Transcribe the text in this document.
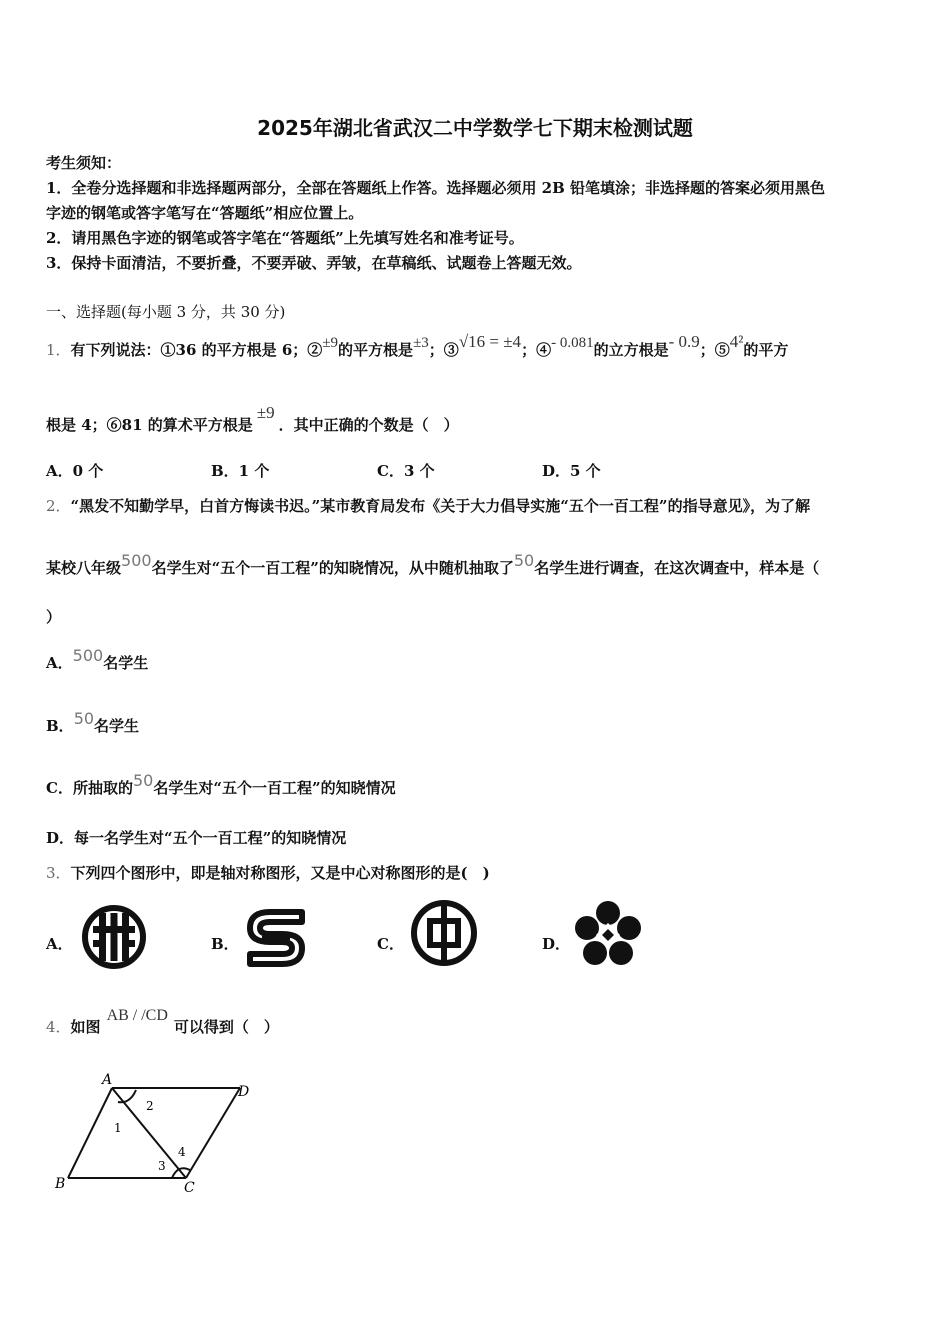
2025年湖北省武汉二中学数学七下期末检测试题
考生须知：
1．全卷分选择题和非选择题两部分，全部在答题纸上作答。选择题必须用 2B 铅笔填涂；非选择题的答案必须用黑色
字迹的钢笔或答字笔写在“答题纸”相应位置上。
2．请用黑色字迹的钢笔或答字笔在“答题纸”上先填写姓名和准考证号。
3．保持卡面清洁，不要折叠，不要弄破、弄皱，在草稿纸、试题卷上答题无效。
一、选择题(每小题 3 分，共 30 分)
1．有下列说法：①36 的平方根是 6；②±9的平方根是±3；③√16 = ±4；④- 0.081的立方根是- 0.9；⑤4²的平方
根是 4；⑥81 的算术平方根是±9．其中正确的个数是（　）
A．0 个	B．1 个	C．3 个	D．5 个
2．“黑发不知勤学早，白首方悔读书迟。”某市教育局发布《关于大力倡导实施“五个一百工程”的指导意见》，为了解
某校八年级500名学生对“五个一百工程”的知晓情况，从中随机抽取了50名学生进行调查，在这次调查中，样本是（
）
A．500名学生
B．50名学生
C．所抽取的50名学生对“五个一百工程”的知晓情况
D．每一名学生对“五个一百工程”的知晓情况
3．下列四个图形中，即是轴对称图形，又是中心对称图形的是(　)
A．	B．	C．	D．
4．如图AB / /CD可以得到（　）
A
D
B	C
1
2
3
4
